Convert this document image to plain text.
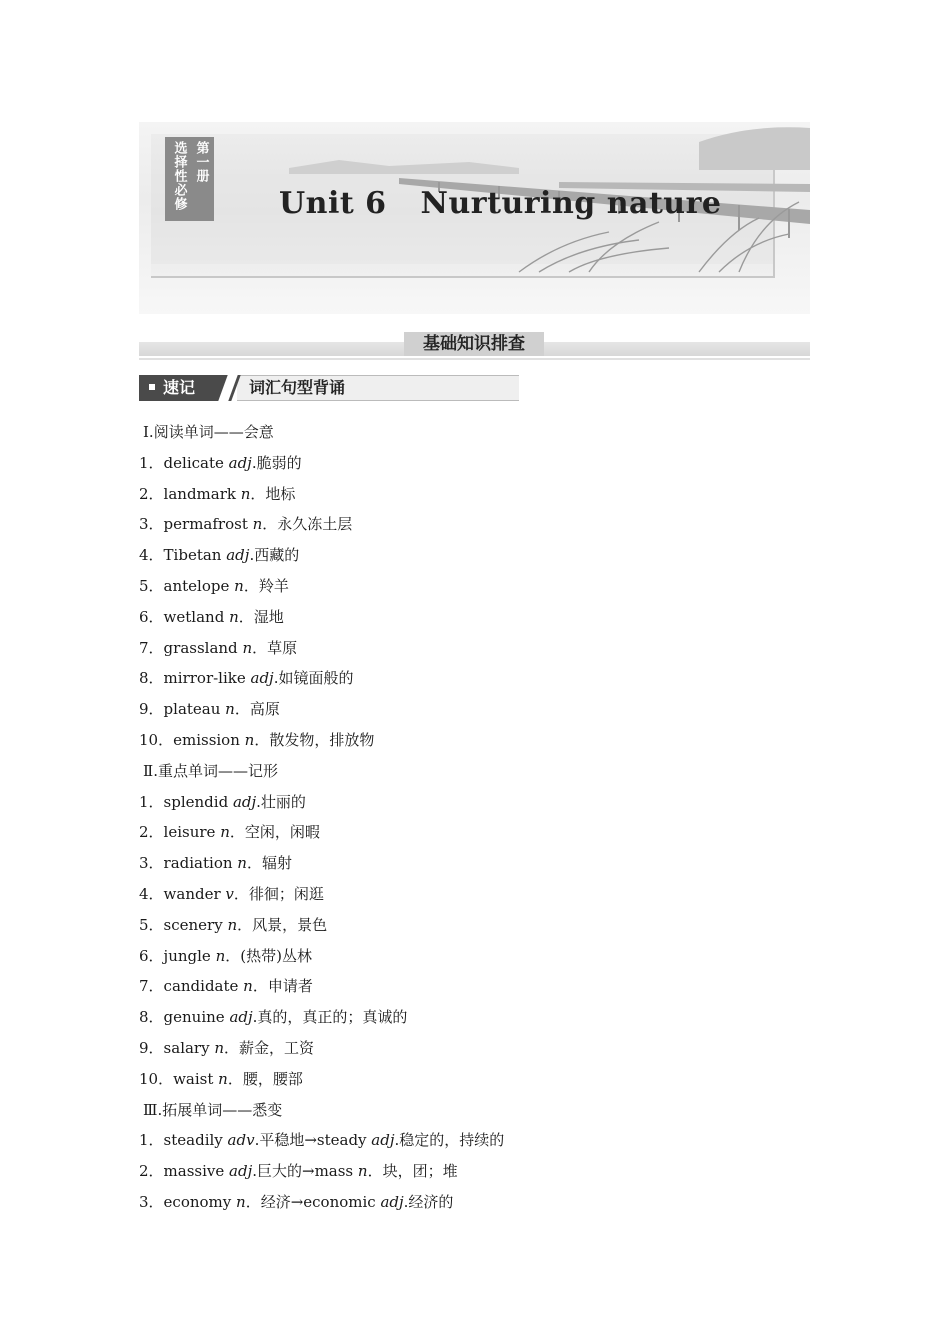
第一册
选择性必修	Unit 6 Nurturing nature
基础知识排查
词汇句型背诵
速记
Ⅰ.阅读单词——会意
1．delicate adj.脆弱的
2．landmark n．地标
3．permafrost n．永久冻土层
4．Tibetan adj.西藏的
5．antelope n．羚羊
6．wetland n．湿地
7．grassland n．草原
8．mirror-like adj.如镜面般的
9．plateau n．高原
10．emission n．散发物，排放物
Ⅱ.重点单词——记形
1．splendid adj.壮丽的
2．leisure n．空闲，闲暇
3．radiation n．辐射
4．wander v．徘徊；闲逛
5．scenery n．风景，景色
6．jungle n．(热带)丛林
7．candidate n．申请者
8．genuine adj.真的，真正的；真诚的
9．salary n．薪金，工资
10．waist n．腰，腰部
Ⅲ.拓展单词——悉变
1．steadily adv.平稳地→steady adj.稳定的，持续的
2．massive adj.巨大的→mass n．块，团；堆
3．economy n．经济→economic adj.经济的
